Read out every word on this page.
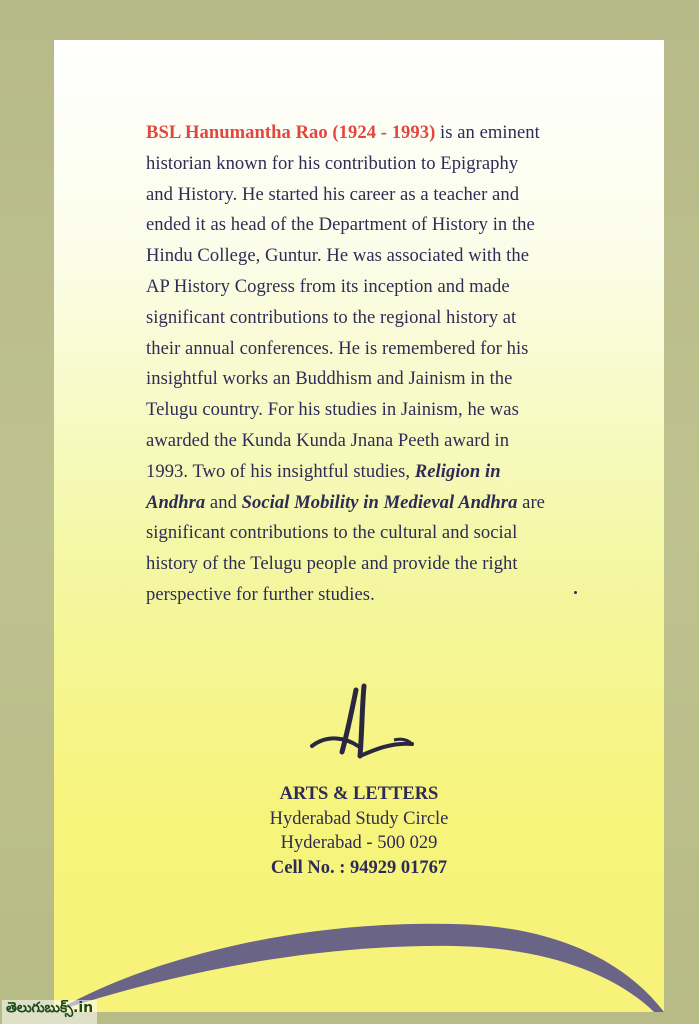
BSL Hanumantha Rao (1924 - 1993) is an eminent
historian known for his contribution to Epigraphy
and History. He started his career as a teacher and
ended it as head of the Department of History in the
Hindu College, Guntur. He was associated with the
AP History Cogress from its inception and made
significant contributions to the regional history at
their annual conferences. He is remembered for his
insightful works an Buddhism and Jainism in the
Telugu country. For his studies in Jainism, he was
awarded the Kunda Kunda Jnana Peeth award in
1993. Two of his insightful studies, Religion in
Andhra and Social Mobility in Medieval Andhra are
significant contributions to the cultural and social
history of the Telugu people and provide the right
perspective for further studies.

ARTS & LETTERS
Hyderabad Study Circle
Hyderabad - 500 029
Cell No. : 94929 01767
తెలుగుబుక్స్.in
